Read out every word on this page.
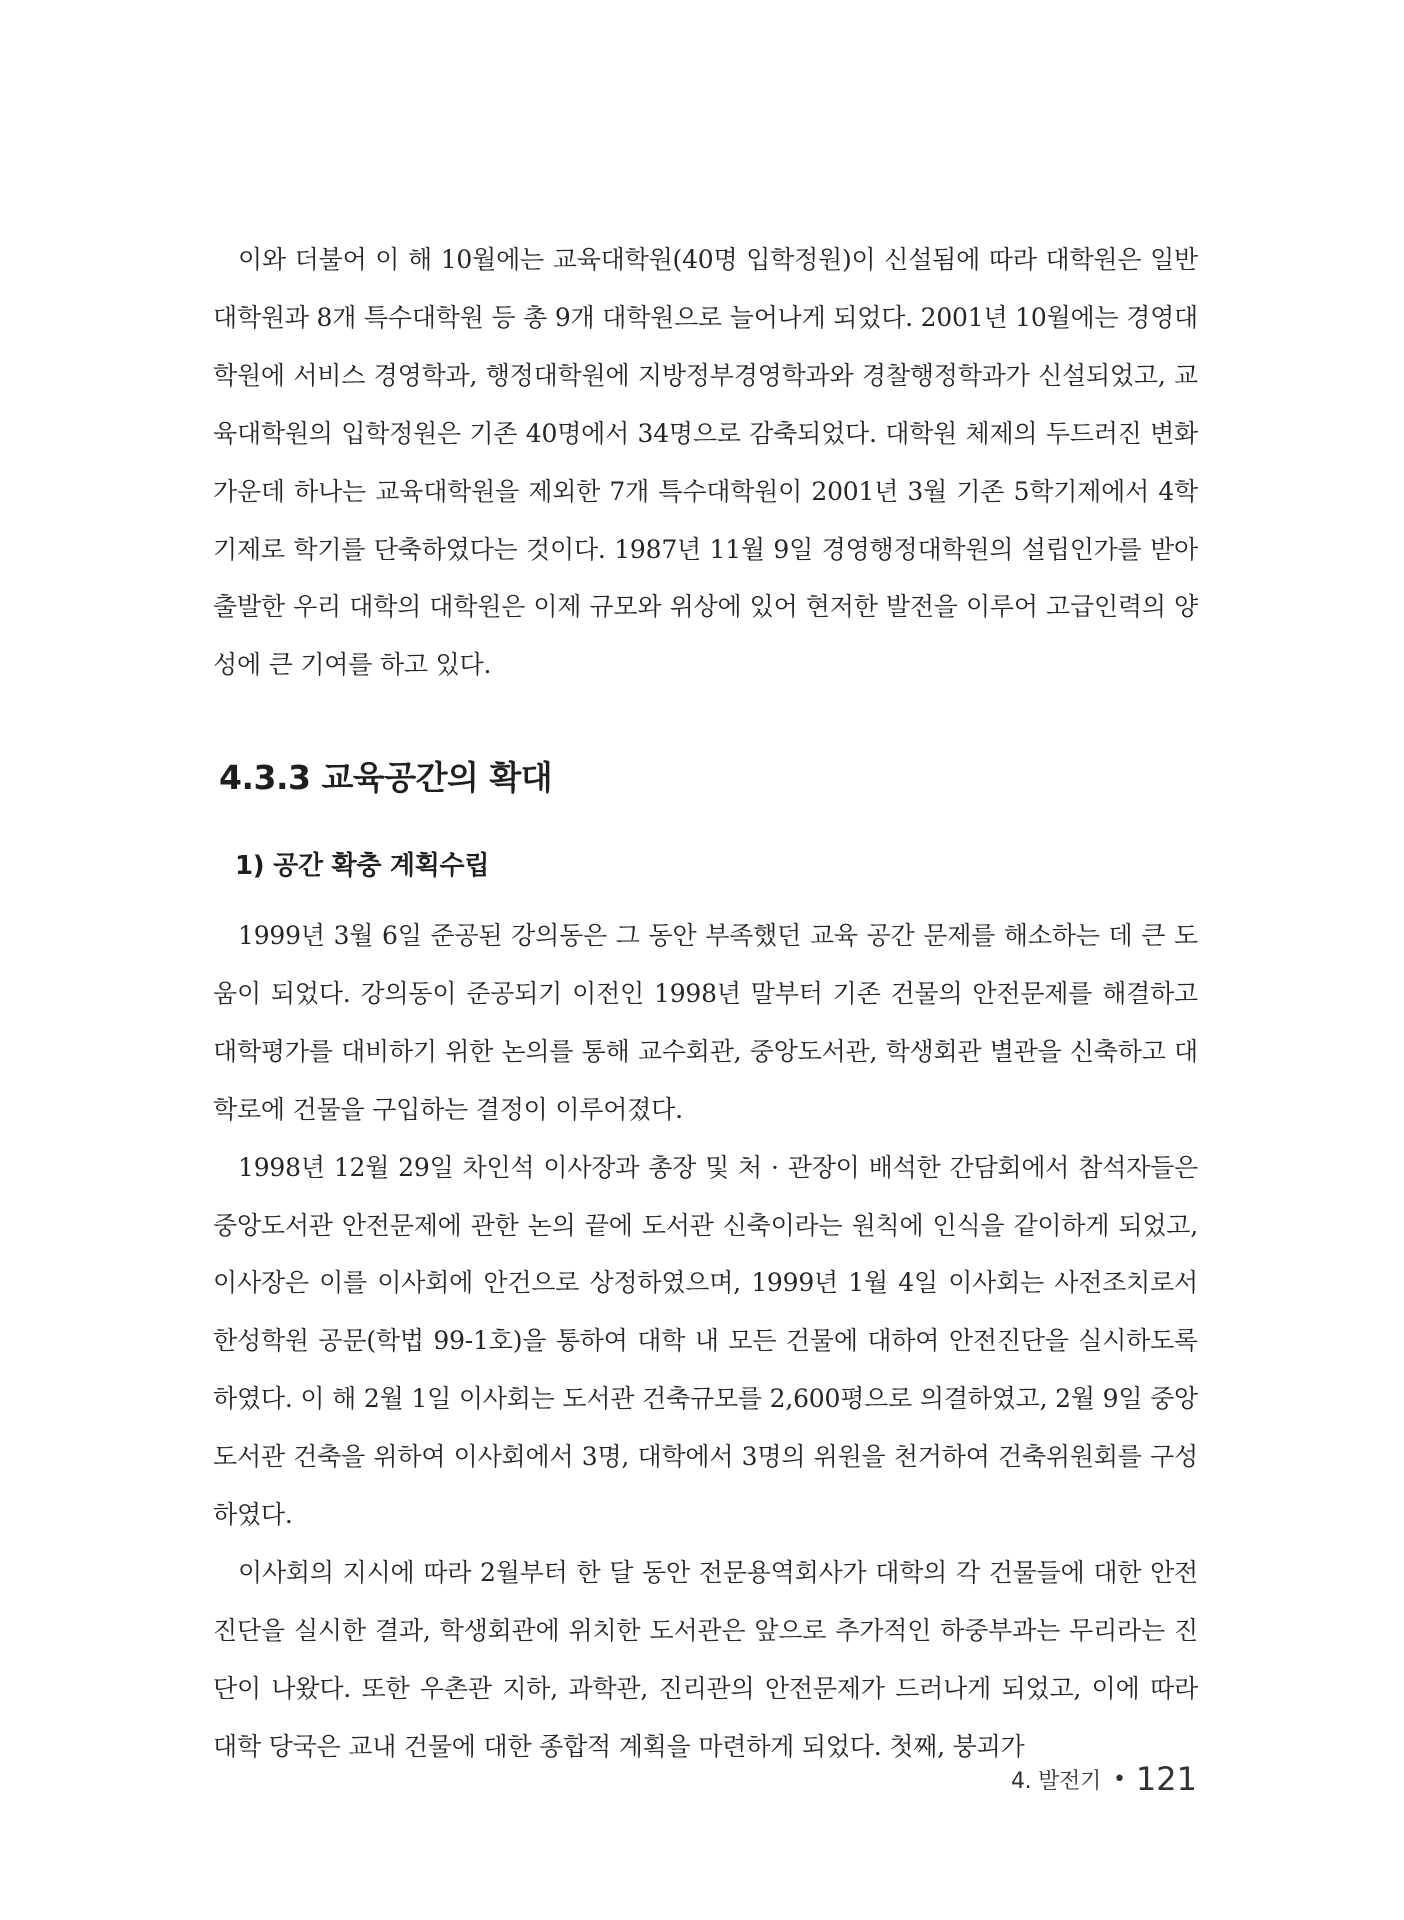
이와 더불어 이 해 10월에는 교육대학원(40명 입학정원)이 신설됨에 따라 대학원은 일반대학원과 8개 특수대학원 등 총 9개 대학원으로 늘어나게 되었다. 2001년 10월에는 경영대학원에 서비스 경영학과, 행정대학원에 지방정부경영학과와 경찰행정학과가 신설되었고, 교육대학원의 입학정원은 기존 40명에서 34명으로 감축되었다. 대학원 체제의 두드러진 변화 가운데 하나는 교육대학원을 제외한 7개 특수대학원이 2001년 3월 기존 5학기제에서 4학기제로 학기를 단축하였다는 것이다. 1987년 11월 9일 경영행정대학원의 설립인가를 받아 출발한 우리 대학의 대학원은 이제 규모와 위상에 있어 현저한 발전을 이루어 고급인력의 양성에 큰 기여를 하고 있다.

4.3.3 교육공간의 확대
1) 공간 확충 계획수립

1999년 3월 6일 준공된 강의동은 그 동안 부족했던 교육 공간 문제를 해소하는 데 큰 도움이 되었다. 강의동이 준공되기 이전인 1998년 말부터 기존 건물의 안전문제를 해결하고 대학평가를 대비하기 위한 논의를 통해 교수회관, 중앙도서관, 학생회관 별관을 신축하고 대학로에 건물을 구입하는 결정이 이루어졌다.

1998년 12월 29일 차인석 이사장과 총장 및 처 · 관장이 배석한 간담회에서 참석자들은 중앙도서관 안전문제에 관한 논의 끝에 도서관 신축이라는 원칙에 인식을 같이하게 되었고, 이사장은 이를 이사회에 안건으로 상정하였으며, 1999년 1월 4일 이사회는 사전조치로서 한성학원 공문(학법 99-1호)을 통하여 대학 내 모든 건물에 대하여 안전진단을 실시하도록 하였다. 이 해 2월 1일 이사회는 도서관 건축규모를 2,600평으로 의결하였고, 2월 9일 중앙도서관 건축을 위하여 이사회에서 3명, 대학에서 3명의 위원을 천거하여 건축위원회를 구성하였다.

이사회의 지시에 따라 2월부터 한 달 동안 전문용역회사가 대학의 각 건물들에 대한 안전진단을 실시한 결과, 학생회관에 위치한 도서관은 앞으로 추가적인 하중부과는 무리라는 진단이 나왔다. 또한 우촌관 지하, 과학관, 진리관의 안전문제가 드러나게 되었고, 이에 따라 대학 당국은 교내 건물에 대한 종합적 계획을 마련하게 되었다. 첫째, 붕괴가

4. 발전기 • 121
